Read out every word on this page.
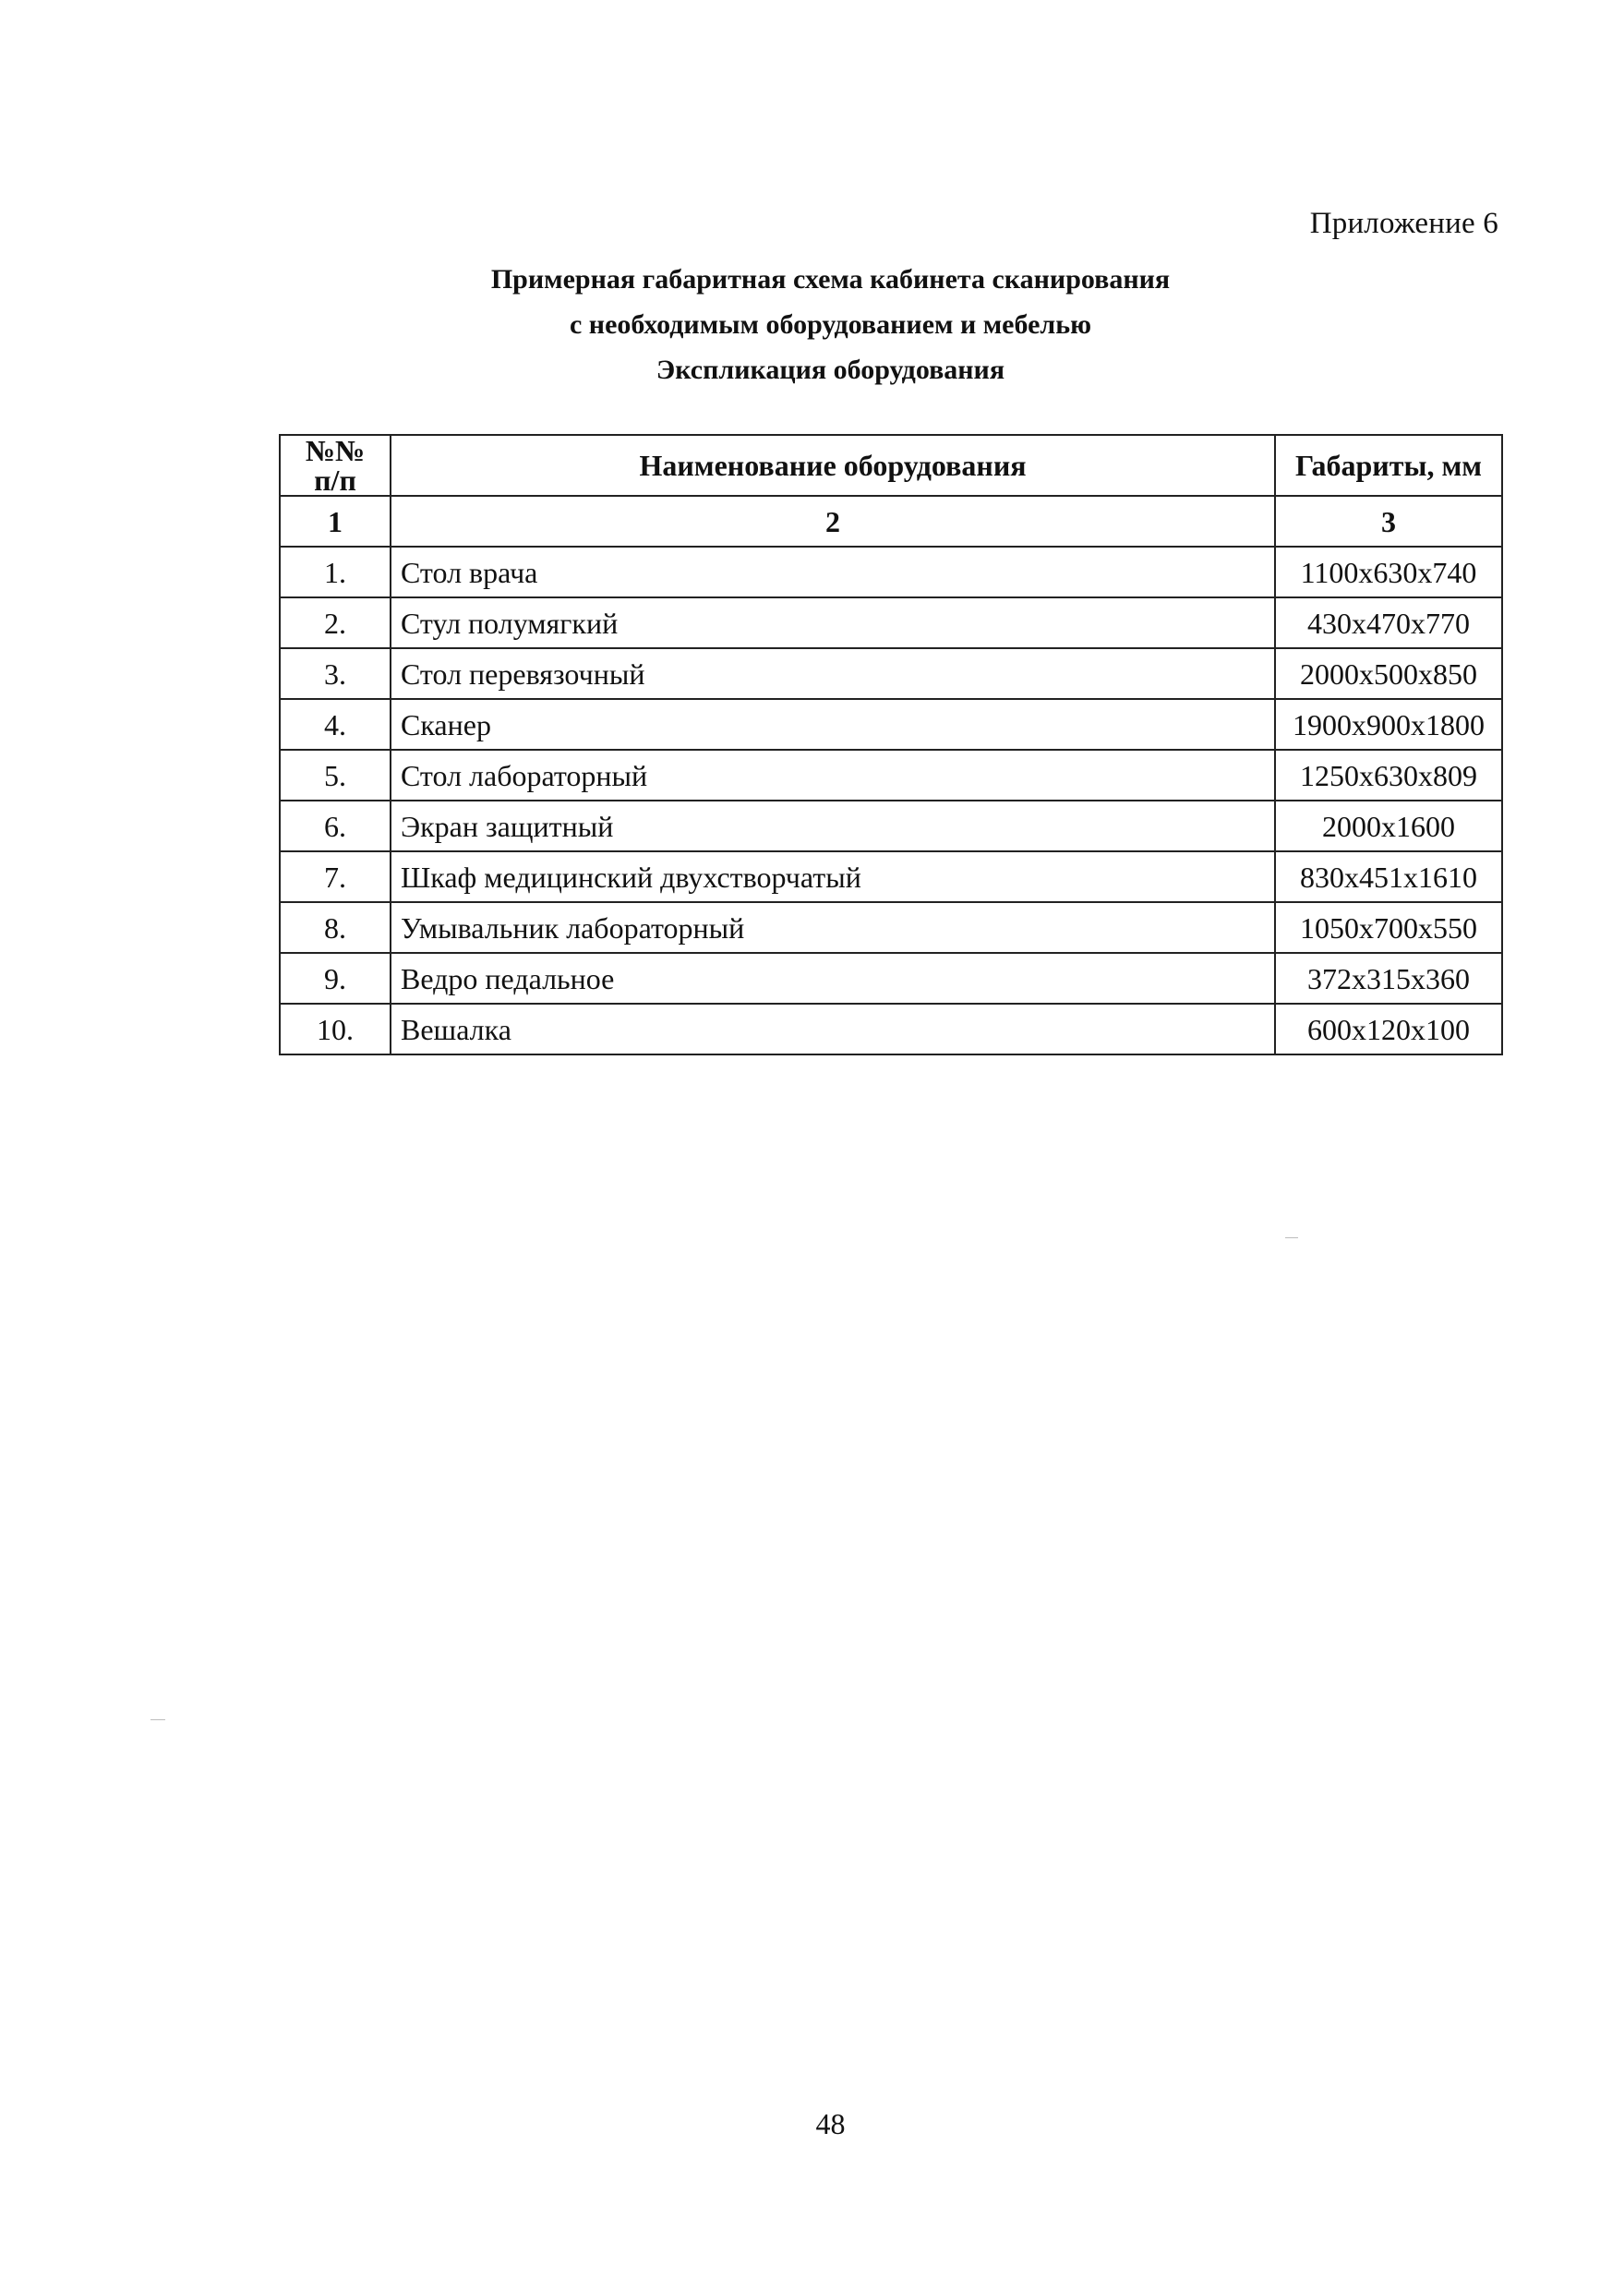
Приложение 6
Примерная габаритная схема кабинета сканирования
с необходимым оборудованием и мебелью
Экспликация оборудования
№№ п/п	Наименование оборудования	Габариты, мм
1	2	3
1.	Стол врача	1100x630x740
2.	Стул полумягкий	430x470x770
3.	Стол перевязочный	2000x500x850
4.	Сканер	1900x900x1800
5.	Стол лабораторный	1250x630x809
6.	Экран защитный	2000x1600
7.	Шкаф медицинский двухстворчатый	830x451x1610
8.	Умывальник лабораторный	1050x700x550
9.	Ведро педальное	372x315x360
10.	Вешалка	600x120x100
48
